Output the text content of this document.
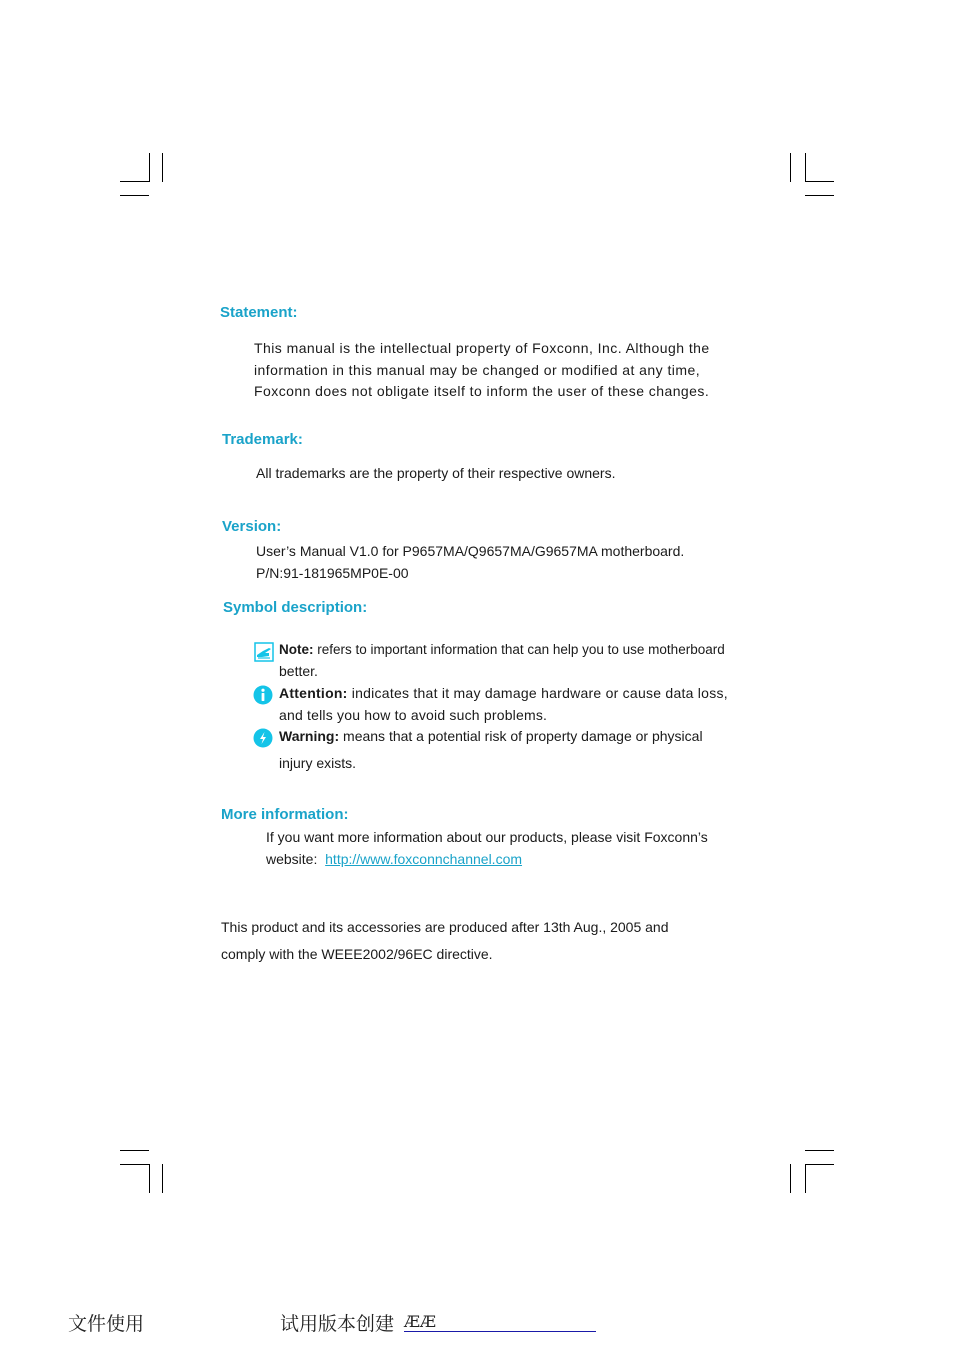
Statement:

This manual is the intellectual property of Foxconn, Inc. Although the
information in this manual may be changed or modified at any time,
Foxconn does not obligate itself to inform the user of these changes.

Trademark:

All trademarks are the property of their respective owners.

Version:

User’s Manual V1.0 for P9657MA/Q9657MA/G9657MA motherboard.
P/N:91-181965MP0E-00

Symbol description:

Note: refers to important information that can help you to use motherboard

better.

Attention: indicates that it may damage hardware or cause data loss,

and tells you how to avoid such problems.

Warning: means that a potential risk of property damage or physical

injury exists.

More information:

If you want more information about our products, please visit Foxconn’s

website: http://www.foxconnchannel.com

This product and its accessories are produced after 13th Aug., 2005 and
comply with the WEEE2002/96EC directive.

文件使用	试用版本创建 ÆÆ
